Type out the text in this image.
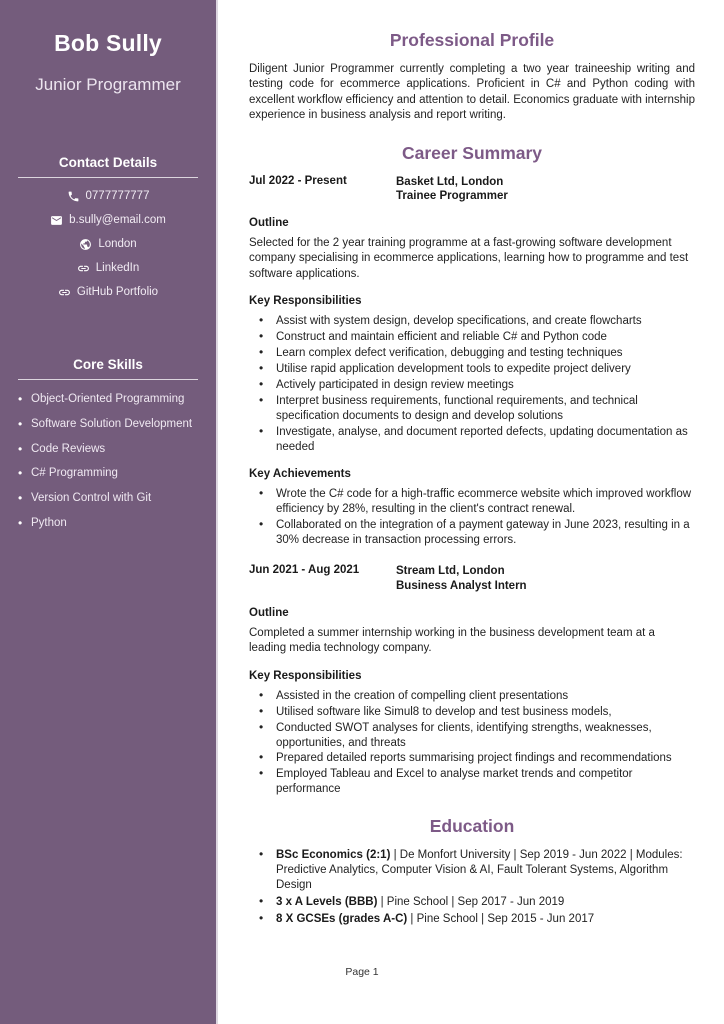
Bob Sully
Junior Programmer
Contact Details
0777777777
b.sully@email.com
London
LinkedIn
GitHub Portfolio
Core Skills
• Object-Oriented Programming
• Software Solution Development
• Code Reviews
• C# Programming
• Version Control with Git
• Python
Professional Profile

Diligent Junior Programmer currently completing a two year traineeship writing and testing code for ecommerce applications. Proficient in C# and Python coding with excellent workflow efficiency and attention to detail. Economics graduate with internship experience in business analysis and report writing.

Career Summary
Jul 2022 - Present	Basket Ltd, London
Trainee Programmer
Outline

Selected for the 2 year training programme at a fast-growing software development company specialising in ecommerce applications, learning how to programme and test software applications.

Key Responsibilities
• Assist with system design, develop specifications, and create flowcharts
• Construct and maintain efficient and reliable C# and Python code
• Learn complex defect verification, debugging and testing techniques
• Utilise rapid application development tools to expedite project delivery
• Actively participated in design review meetings
• Interpret business requirements, functional requirements, and technical specification documents to design and develop solutions
• Investigate, analyse, and document reported defects, updating documentation as needed
Key Achievements
• Wrote the C# code for a high-traffic ecommerce website which improved workflow efficiency by 28%, resulting in the client's contract renewal.
• Collaborated on the integration of a payment gateway in June 2023, resulting in a 30% decrease in transaction processing errors.
Jun 2021 - Aug 2021	Stream Ltd, London
Business Analyst Intern
Outline

Completed a summer internship working in the business development team at a leading media technology company.

Key Responsibilities
• Assisted in the creation of compelling client presentations
• Utilised software like Simul8 to develop and test business models,
• Conducted SWOT analyses for clients, identifying strengths, weaknesses, opportunities, and threats
• Prepared detailed reports summarising project findings and recommendations
• Employed Tableau and Excel to analyse market trends and competitor performance
Education
• BSc Economics (2:1) | De Monfort University | Sep 2019 - Jun 2022 | Modules: Predictive Analytics, Computer Vision & AI, Fault Tolerant Systems, Algorithm Design
• 3 x A Levels (BBB) | Pine School | Sep 2017 - Jun 2019
• 8 X GCSEs (grades A-C) | Pine School | Sep 2015 - Jun 2017
Page 1
